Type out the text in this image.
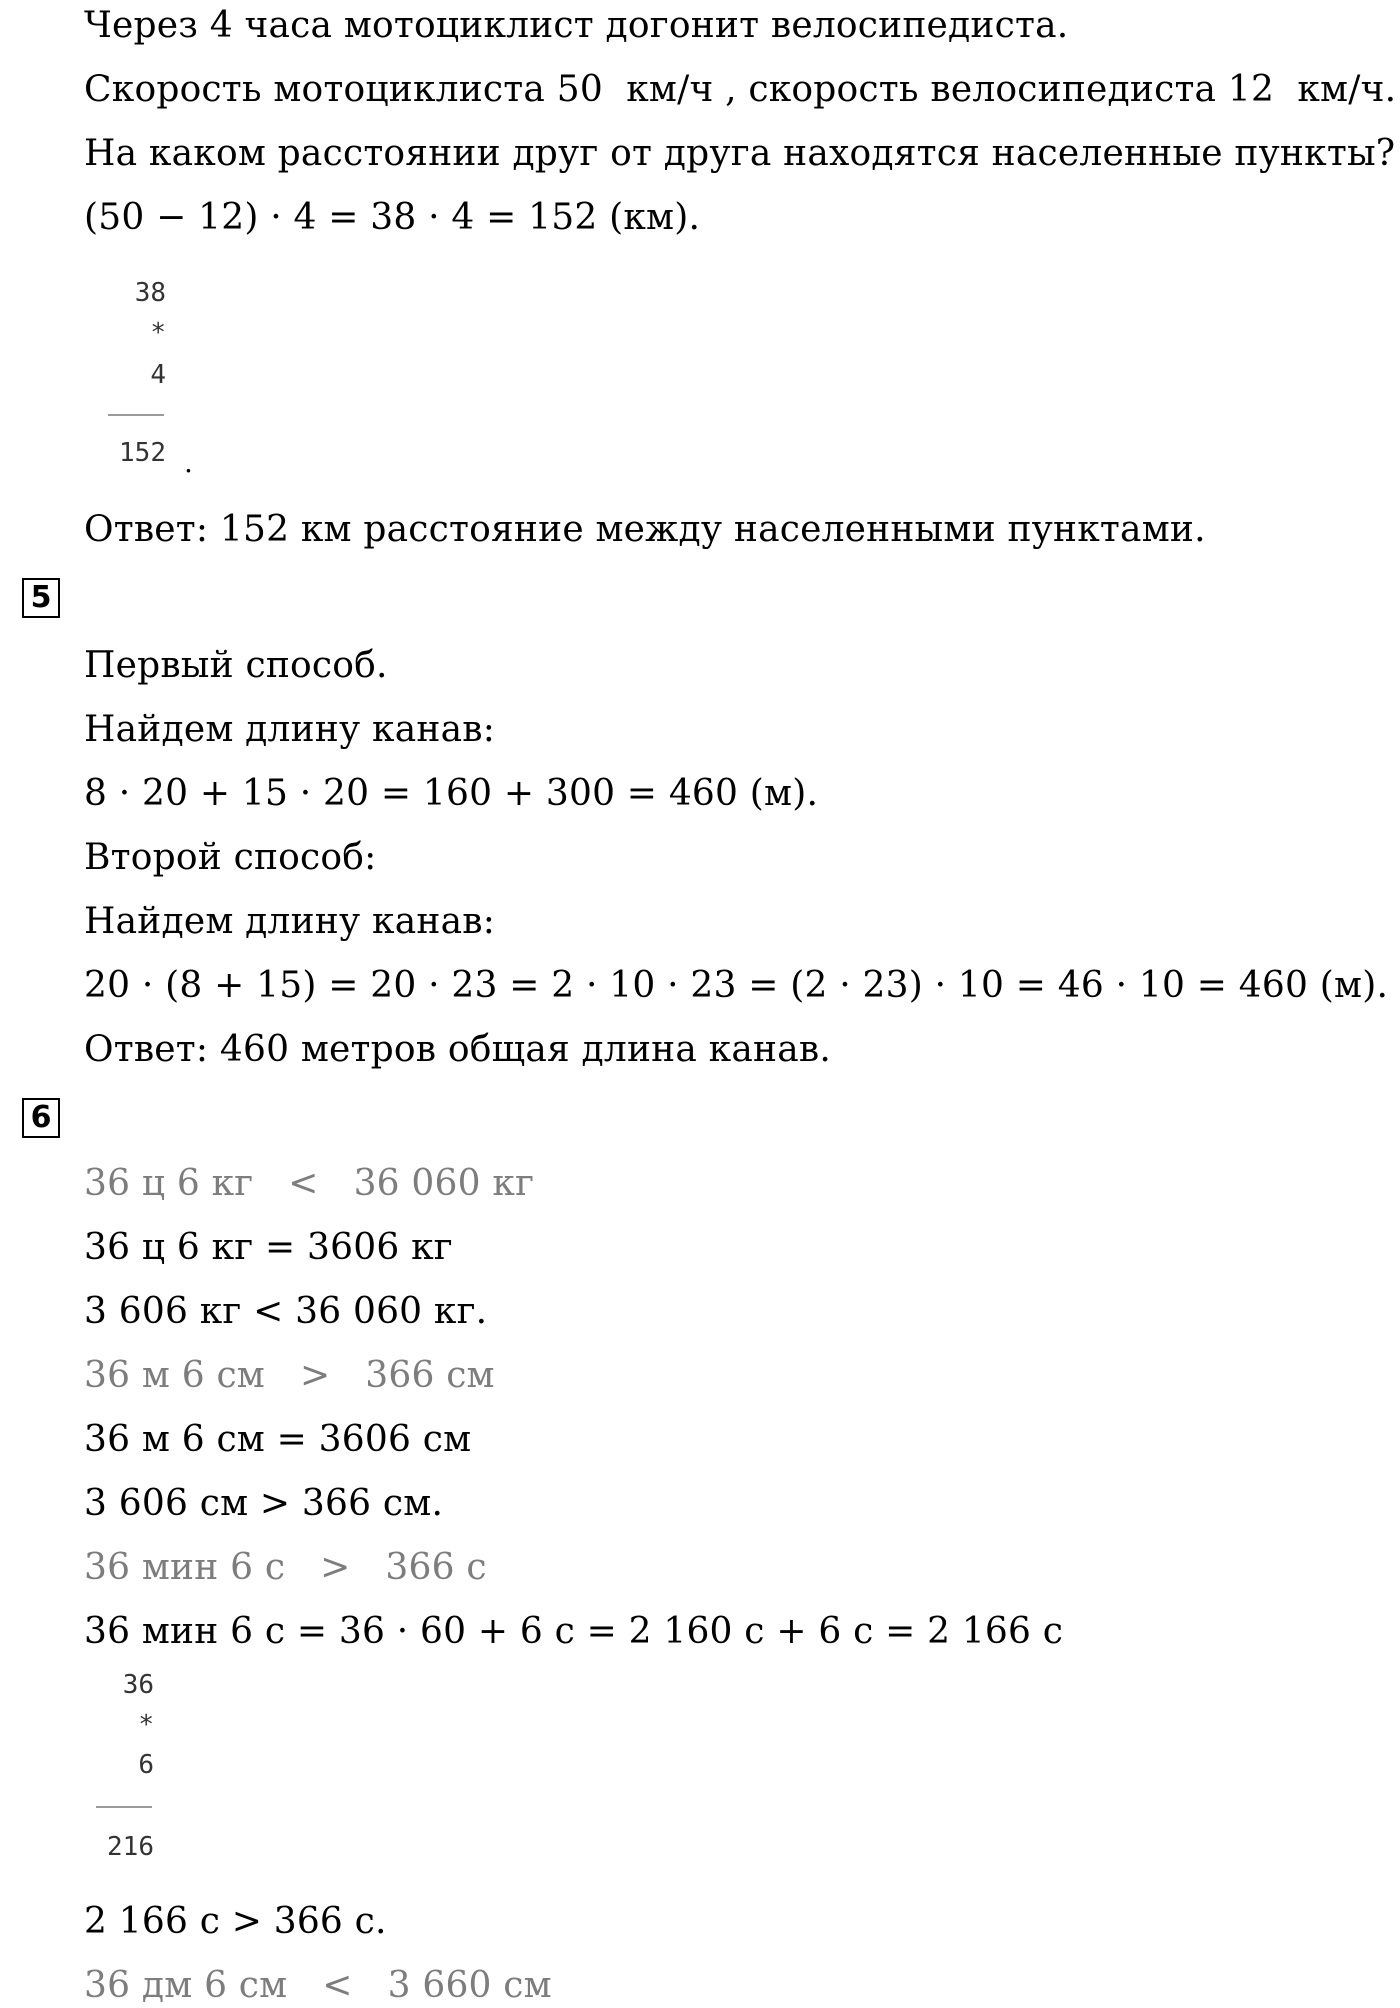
Через 4 часа мотоциклист догонит велосипедиста.
Скорость мотоциклиста 50  км/ч , скорость велосипедиста 12  км/ч.
На каком расстоянии друг от друга находятся населенные пункты?
(50 − 12) · 4 = 38 · 4 = 152 (км).
38
*
4
152 .
Ответ: 152 км расстояние между населенными пунктами.
5
Первый способ.
Найдем длину канав:
8 · 20 + 15 · 20 = 160 + 300 = 460 (м).
Второй способ:
Найдем длину канав:
20 · (8 + 15) = 20 · 23 = 2 · 10 · 23 = (2 · 23) · 10 = 46 · 10 = 460 (м).
Ответ: 460 метров общая длина канав.
6
36 ц 6 кг   <   36 060 кг
36 ц 6 кг = 3606 кг
3 606 кг < 36 060 кг.
36 м 6 см   >   366 см
36 м 6 см = 3606 см
3 606 см > 366 см.
36 мин 6 с   >   366 с
36 мин 6 с = 36 · 60 + 6 с = 2 160 с + 6 с = 2 166 с
36
*
6
216
2 166 с > 366 с.
36 дм 6 см   <   3 660 см
